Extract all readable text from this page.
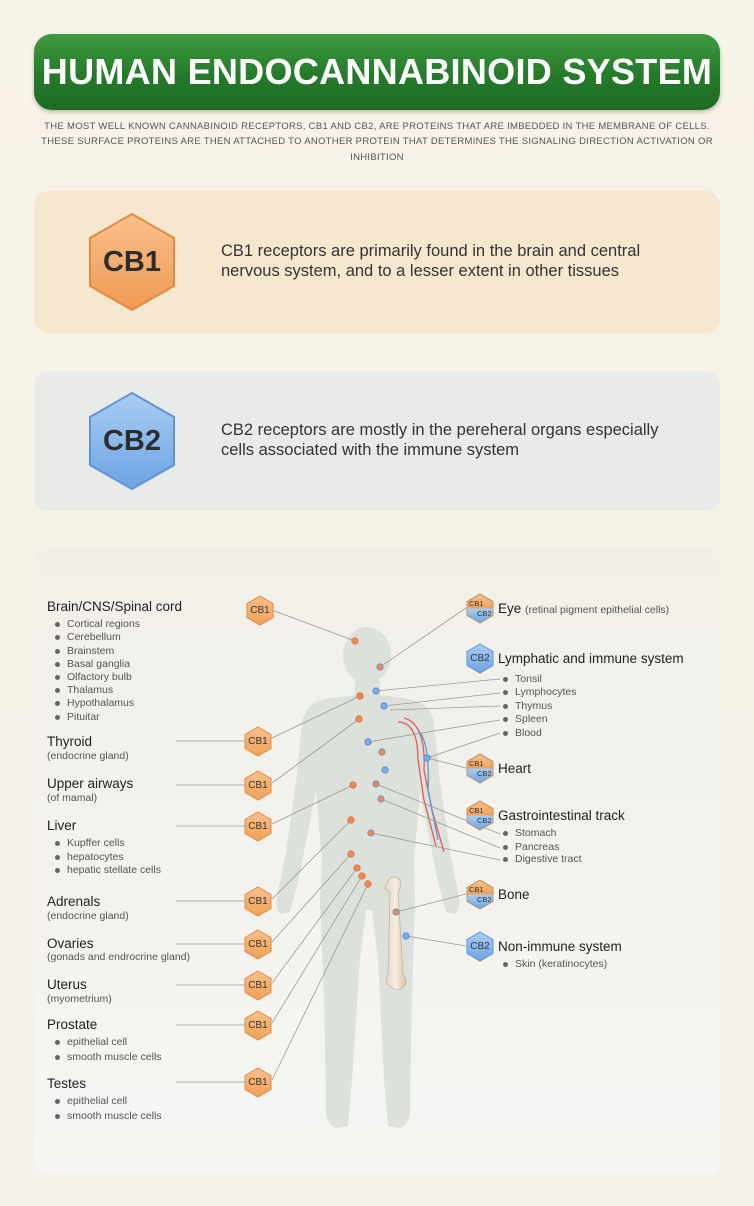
HUMAN ENDOCANNABINOID SYSTEM
THE MOST WELL KNOWN CANNABINOID RECEPTORS, CB1 AND CB2, ARE PROTEINS THAT ARE IMBEDDED IN THE MEMBRANE OF CELLS.
THESE SURFACE PROTEINS ARE THEN ATTACHED TO ANOTHER PROTEIN THAT DETERMINES THE SIGNALING DIRECTION ACTIVATION OR INHIBITION
CB1	CB1 receptors are primarily found in the brain and central
nervous system, and to a lesser extent in other tissues
CB2	CB2 receptors are mostly in the pereheral organs especially
cells associated with the immune system
CB1
CB1
CB1
CB1
CB1
CB1
CB1
CB1
CB1
CB1
CB2
CB2
CB1
CB2
CB1
CB2
CB1
CB2
CB2
Brain/CNS/Spinal cord
Cortical regions
Cerebellum
Brainstem
Basal ganglia
Olfactory bulb
Thalamus
Hypothalamus
Pituitar
Thyroid
(endocrine gland)
Upper airways
(of mamal)
Liver
Kupffer cells
hepatocytes
hepatic stellate cells
Adrenals
(endocrine gland)
Ovaries
(gonads and endrocrine gland)
Uterus
(myometrium)
Prostate
epithelial cell
smooth muscle cells
Testes
epithelial cell
smooth muscle cells
Eye (retinal pigment epithelial cells)
Lymphatic and immune system
Tonsil
Lymphocytes
Thymus
Spleen
Blood
Heart
Gastrointestinal track
Stomach
Pancreas
Digestive tract
Bone
Non-immune system
Skin (keratinocytes)
